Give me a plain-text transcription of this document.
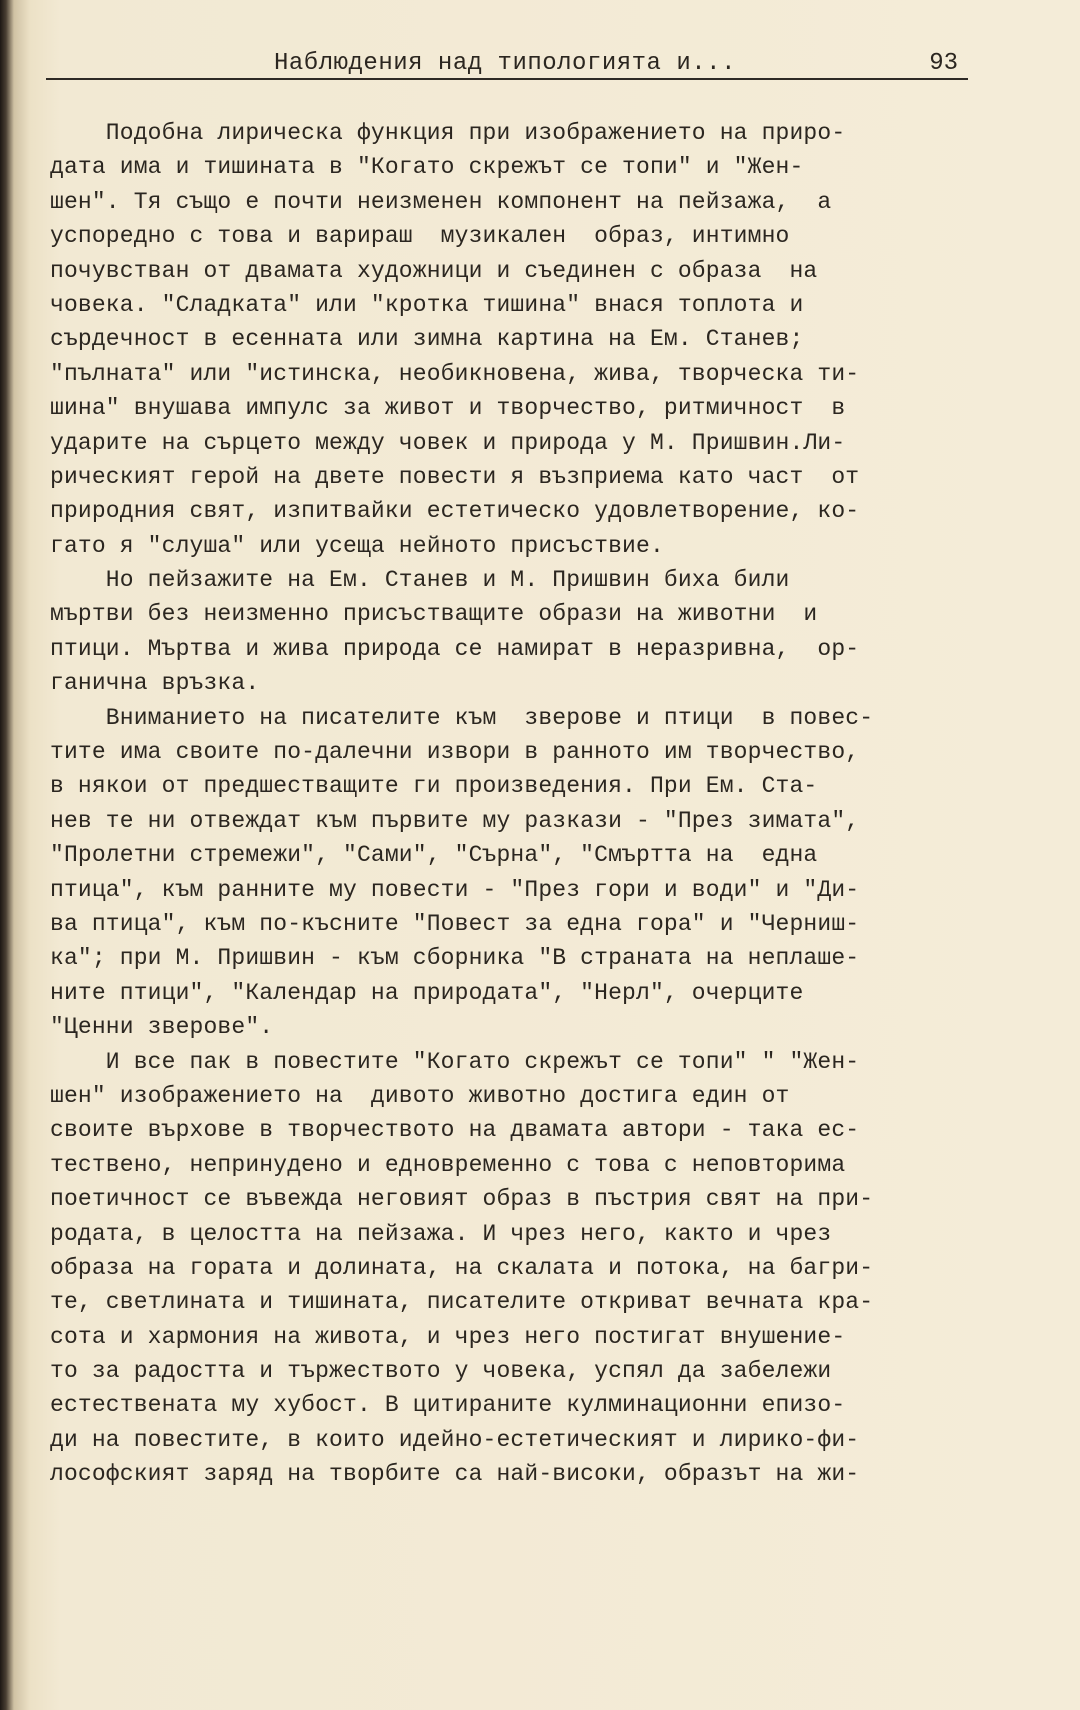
Наблюдения над типологията и...	93
Подобна лирическа функция при изображението на приро-
дата има и тишината в "Когато скрежът се топи" и "Жен-
шен". Тя също е почти неизменен компонент на пейзажа,  а
успоредно с това и варираш  музикален  образ, интимно
почувстван от двамата художници и съединен с образа  на
човека. "Сладката" или "кротка тишина" внася топлота и
сърдечност в есенната или зимна картина на Ем. Станев;
"пълната" или "истинска, необикновена, жива, творческа ти-
шина" внушава импулс за живот и творчество, ритмичност  в
ударите на сърцето между човек и природа у М. Пришвин.Ли-
рическият герой на двете повести я възприема като част  от
природния свят, изпитвайки естетическо удовлетворение, ко-
гато я "слуша" или усеща нейното присъствие.
Но пейзажите на Ем. Станев и М. Пришвин биха били
мъртви без неизменно присъстващите образи на животни  и
птици. Мъртва и жива природа се намират в неразривна,  ор-
ганична връзка.
Вниманието на писателите към  зверове и птици  в повес-
тите има своите по-далечни извори в ранното им творчество,
в някои от предшестващите ги произведения. При Ем. Ста-
нев те ни отвеждат към първите му разкази - "През зимата",
"Пролетни стремежи", "Сами", "Сърна", "Смъртта на  една
птица", към ранните му повести - "През гори и води" и "Ди-
ва птица", към по-късните "Повест за една гора" и "Черниш-
ка"; при М. Пришвин - към сборника "В страната на неплаше-
ните птици", "Календар на природата", "Нерл", очерците
"Ценни зверове".
И все пак в повестите "Когато скрежът се топи" " "Жен-
шен" изображението на  дивото животно достига един от
своите върхове в творчеството на двамата автори - така ес-
тествено, непринудено и едновременно с това с неповторима
поетичност се въвежда неговият образ в пъстрия свят на при-
родата, в целостта на пейзажа. И чрез него, както и чрез
образа на гората и долината, на скалата и потока, на багри-
те, светлината и тишината, писателите откриват вечната кра-
сота и хармония на живота, и чрез него постигат внушение-
то за радостта и тържеството у човека, успял да забележи
естествената му хубост. В цитираните кулминационни епизо-
ди на повестите, в които идейно-естетическият и лирико-фи-
лософският заряд на творбите са най-високи, образът на жи-
